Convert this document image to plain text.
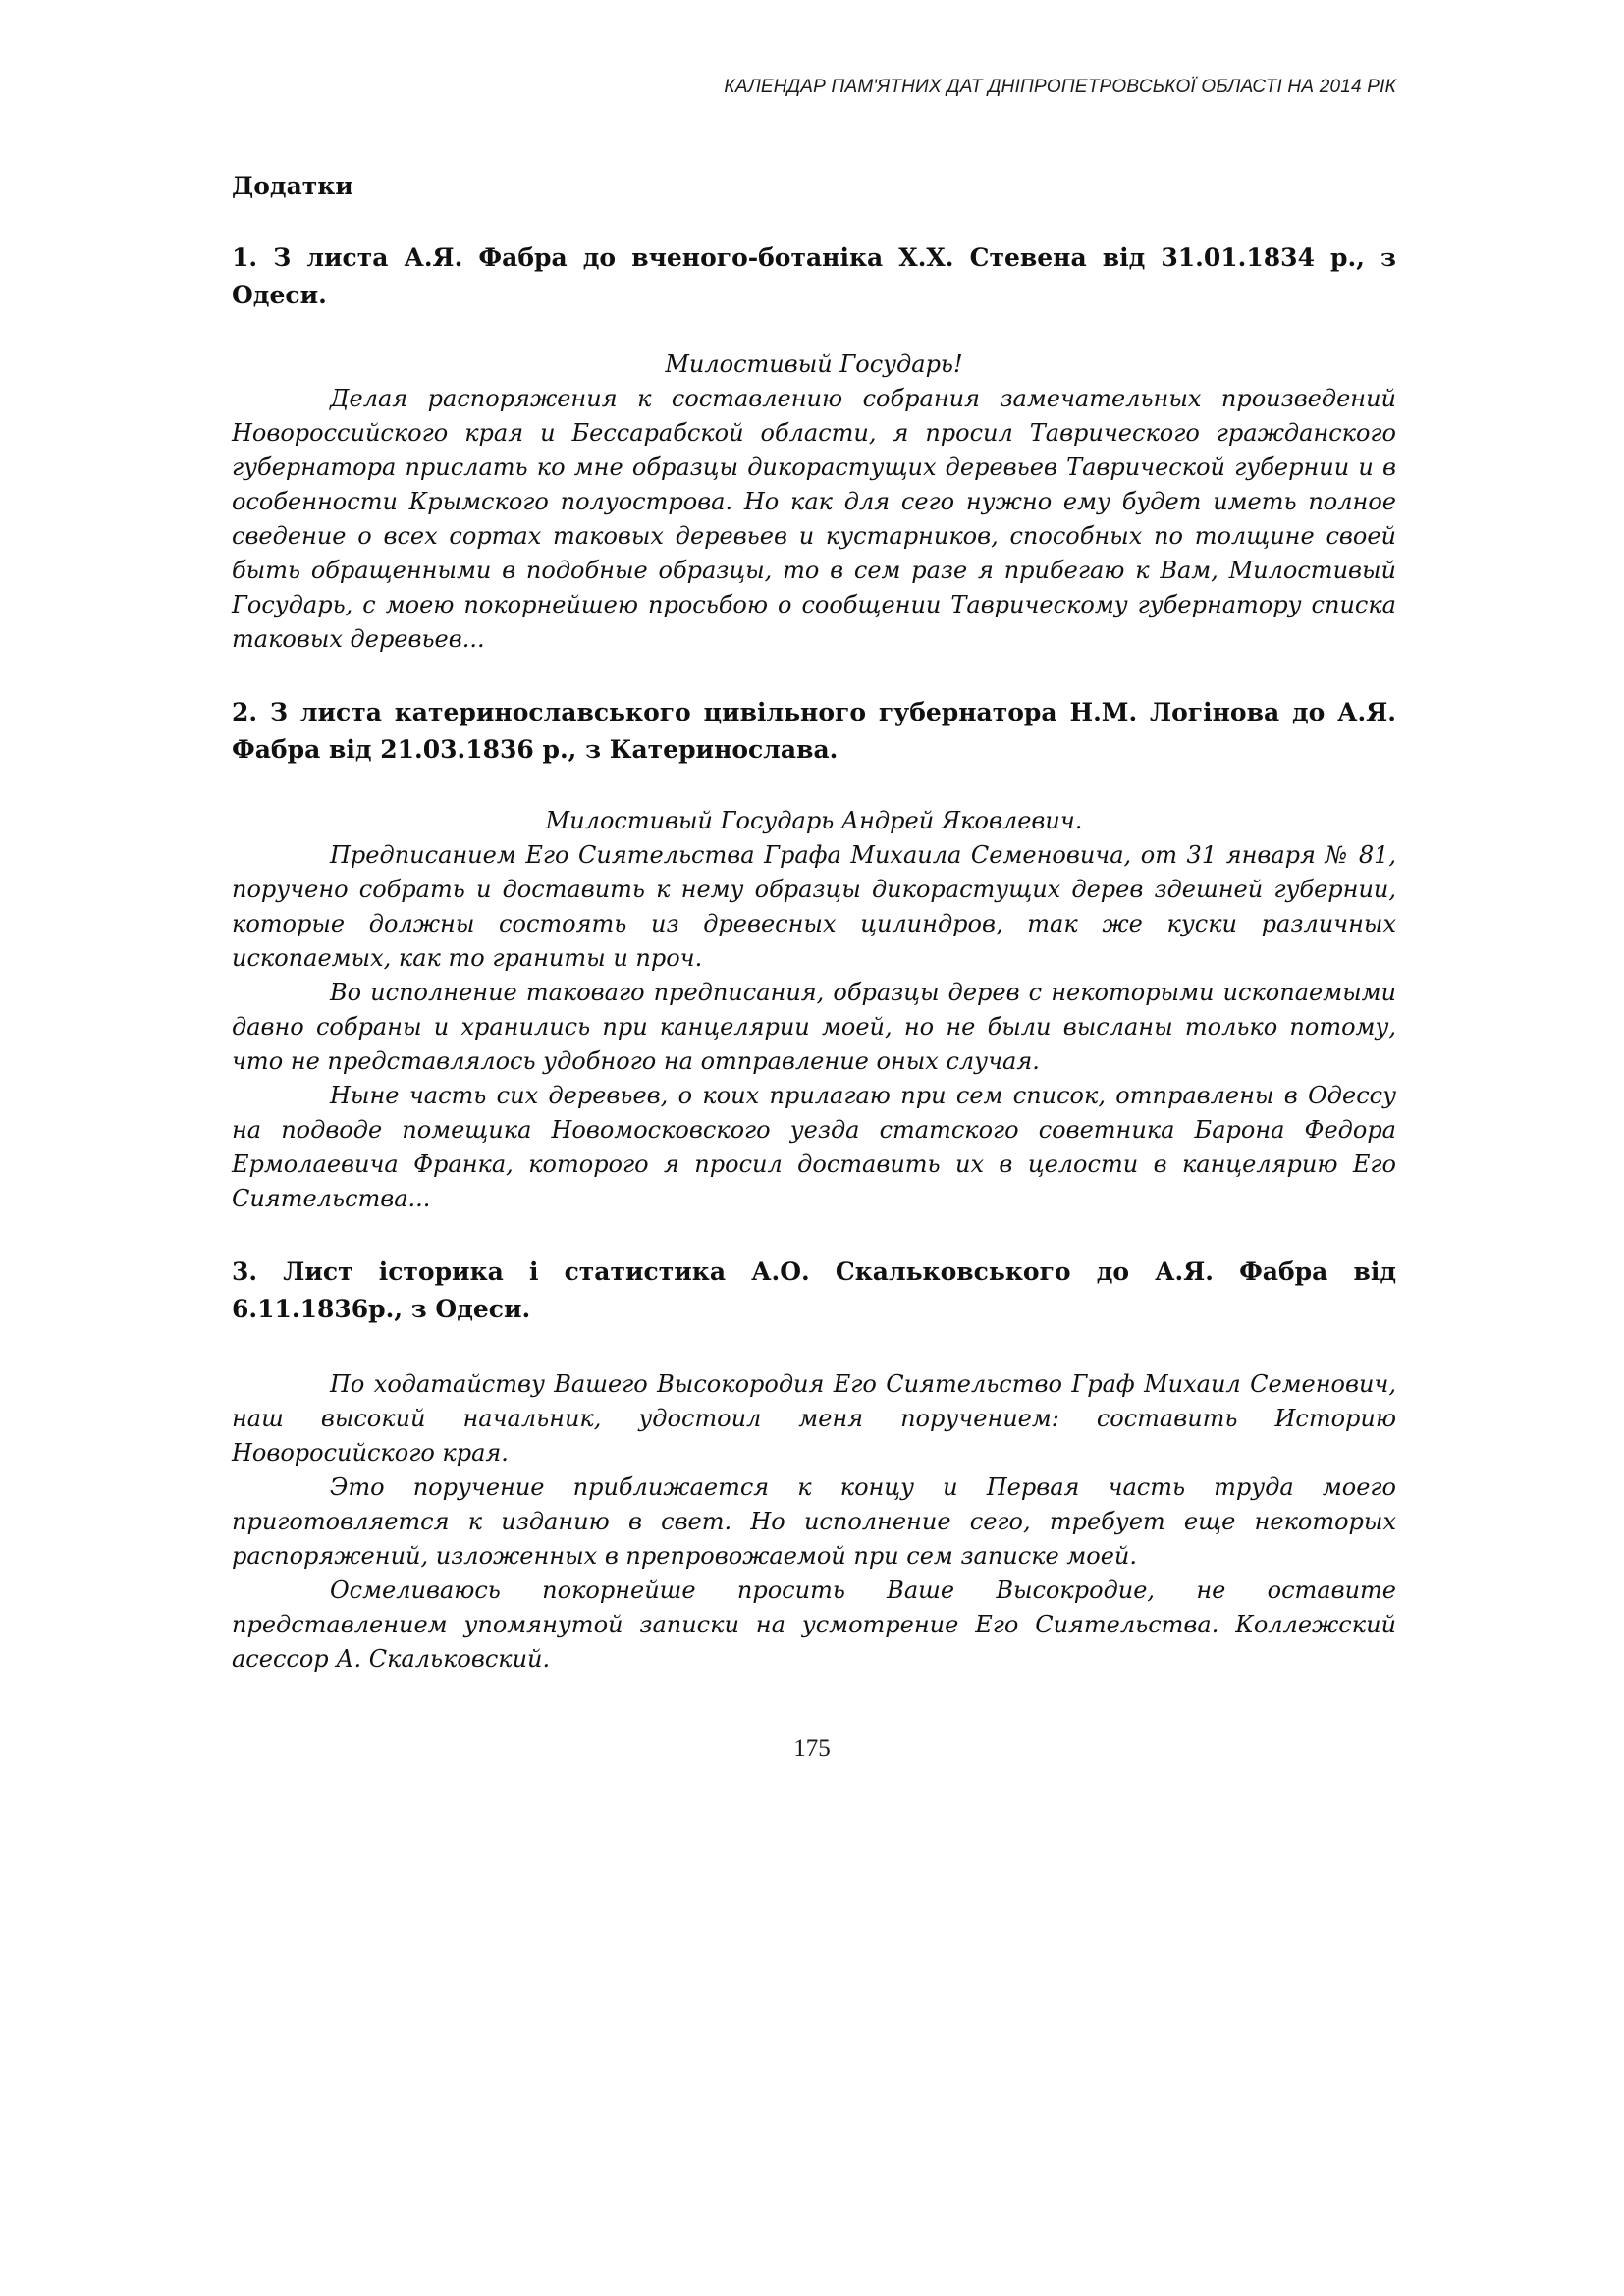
КАЛЕНДАР ПАМ'ЯТНИХ ДАТ ДНІПРОПЕТРОВСЬКОЇ ОБЛАСТІ НА 2014 РІК
Додатки
1. З листа А.Я. Фабра до вченого-ботаніка Х.Х. Стевена від 31.01.1834 р., з Одеси.

Милостивый Государь!

Делая распоряжения к составлению собрания замечательных произведений Новороссийского края и Бессарабской области, я просил Таврического гражданского губернатора прислать ко мне образцы дикорастущих деревьев Таврической губернии и в особенности Крымского полуострова. Но как для сего нужно ему будет иметь полное сведение о всех сортах таковых деревьев и кустарников, способных по толщине своей быть обращенными в подобные образцы, то в сем разе я прибегаю к Вам, Милостивый Государь, с моею покорнейшею просьбою о сообщении Таврическому губернатору списка таковых деревьев...

2. З листа катеринославського цивільного губернатора Н.М. Логінова до А.Я. Фабра від 21.03.1836 р., з Катеринослава.

Милостивый Государь Андрей Яковлевич.

Предписанием Его Сиятельства Графа Михаила Семеновича, от 31 января № 81, поручено собрать и доставить к нему образцы дикорастущих дерев здешней губернии, которые должны состоять из древесных цилиндров, так же куски различных ископаемых, как то граниты и проч.

Во исполнение таковаго предписания, образцы дерев с некоторыми ископаемыми давно собраны и хранились при канцелярии моей, но не были высланы только потому, что не представлялось удобного на отправление оных случая.

Ныне часть сих деревьев, о коих прилагаю при сем список, отправлены в Одессу на подводе помещика Новомосковского уезда статского советника Барона Федора Ермолаевича Франка, которого я просил доставить их в целости в канцелярию Его Сиятельства...

3. Лист історика і статистика А.О. Скальковського до А.Я. Фабра від 6.11.1836р., з Одеси.

По ходатайству Вашего Высокородия Его Сиятельство Граф Михаил Семенович, наш высокий начальник, удостоил меня поручением: составить Историю Новоросийского края.

Это поручение приближается к концу и Первая часть труда моего приготовляется к изданию в свет. Но исполнение сего, требует еще некоторых распоряжений, изложенных в препровожаемой при сем записке моей.

Осмеливаюсь покорнейше просить Ваше Высокродие, не оставите представлением упомянутой записки на усмотрение Его Сиятельства. Коллежский асессор А. Скальковский.

175
